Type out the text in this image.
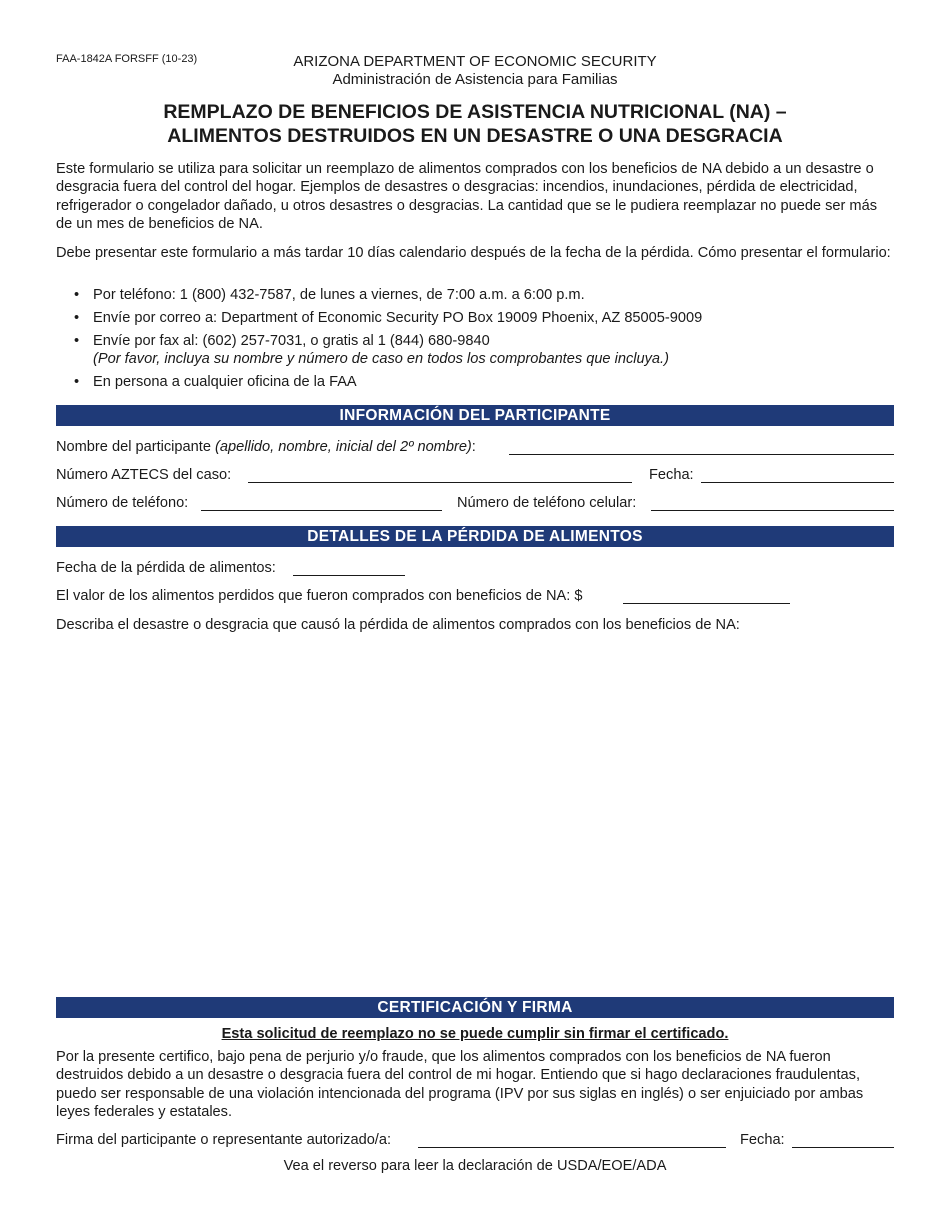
FAA-1842A FORSFF (10-23)	ARIZONA DEPARTMENT OF ECONOMIC SECURITY
Administración de Asistencia para Familias
REMPLAZO DE BENEFICIOS DE ASISTENCIA NUTRICIONAL (NA) –
ALIMENTOS DESTRUIDOS EN UN DESASTRE O UNA DESGRACIA
Este formulario se utiliza para solicitar un reemplazo de alimentos comprados con los beneficios de NA debido a un desastre o desgracia fuera del control del hogar. Ejemplos de desastres o desgracias: incendios, inundaciones, pérdida de electricidad, refrigerador o congelador dañado, u otros desastres o desgracias. La cantidad que se le pudiera reemplazar no puede ser más de un mes de beneficios de NA.
Debe presentar este formulario a más tardar 10 días calendario después de la fecha de la pérdida. Cómo presentar el formulario:
• Por teléfono: 1 (800) 432-7587, de lunes a viernes, de 7:00 a.m. a 6:00 p.m.
• Envíe por correo a: Department of Economic Security PO Box 19009 Phoenix, AZ 85005-9009
• Envíe por fax al: (602) 257-7031, o gratis al 1 (844) 680-9840
(Por favor, incluya su nombre y número de caso en todos los comprobantes que incluya.)
• En persona a cualquier oficina de la FAA
INFORMACIÓN DEL PARTICIPANTE
Nombre del participante (apellido, nombre, inicial del 2º nombre):
Número AZTECS del caso:	Fecha:
Número de teléfono:	Número de teléfono celular:
DETALLES DE LA PÉRDIDA DE ALIMENTOS
Fecha de la pérdida de alimentos:
El valor de los alimentos perdidos que fueron comprados con beneficios de NA: $
Describa el desastre o desgracia que causó la pérdida de alimentos comprados con los beneficios de NA:
CERTIFICACIÓN Y FIRMA
Esta solicitud de reemplazo no se puede cumplir sin firmar el certificado.
Por la presente certifico, bajo pena de perjurio y/o fraude, que los alimentos comprados con los beneficios de NA fueron destruidos debido a un desastre o desgracia fuera del control de mi hogar. Entiendo que si hago declaraciones fraudulentas, puedo ser responsable de una violación intencionada del programa (IPV por sus siglas en inglés) o ser enjuiciado por ambas leyes federales y estatales.
Firma del participante o representante autorizado/a:	Fecha:
Vea el reverso para leer la declaración de USDA/EOE/ADA
